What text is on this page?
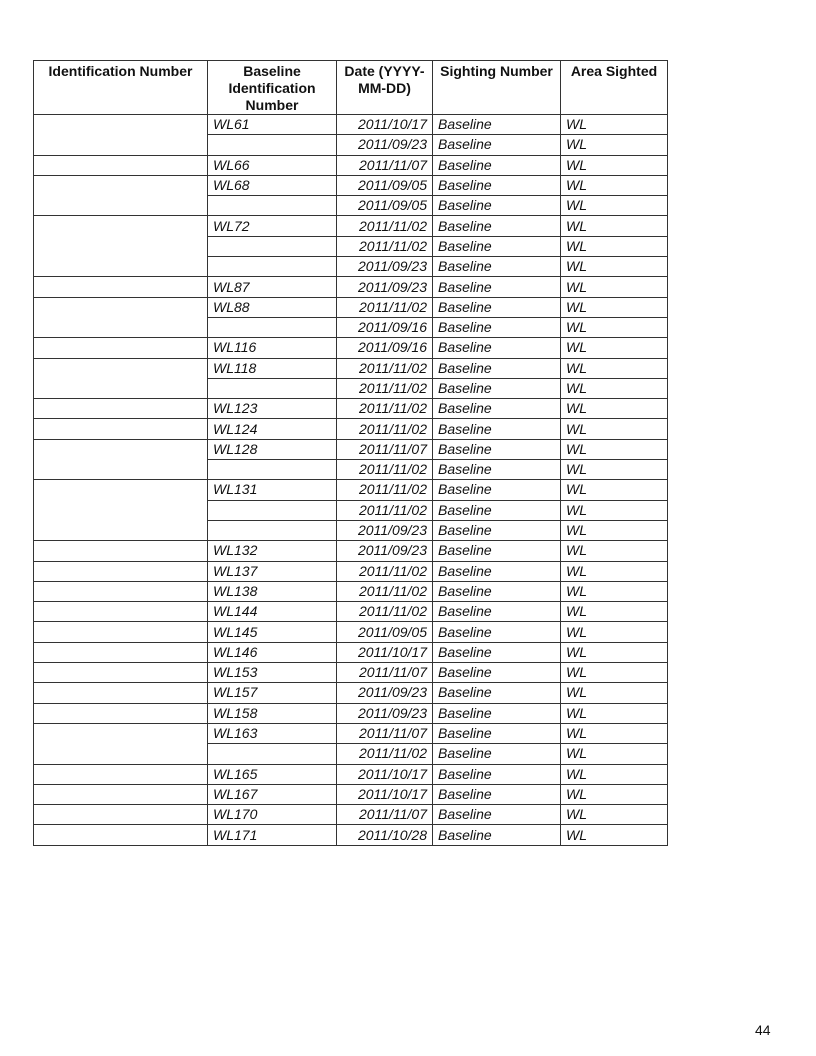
Identification Number	Baseline Identification Number	Date (YYYY-MM-DD)	Sighting Number	Area Sighted
	WL61	2011/10/17	Baseline	WL
		2011/09/23	Baseline	WL
	WL66	2011/11/07	Baseline	WL
	WL68	2011/09/05	Baseline	WL
		2011/09/05	Baseline	WL
	WL72	2011/11/02	Baseline	WL
		2011/11/02	Baseline	WL
		2011/09/23	Baseline	WL
	WL87	2011/09/23	Baseline	WL
	WL88	2011/11/02	Baseline	WL
		2011/09/16	Baseline	WL
	WL116	2011/09/16	Baseline	WL
	WL118	2011/11/02	Baseline	WL
		2011/11/02	Baseline	WL
	WL123	2011/11/02	Baseline	WL
	WL124	2011/11/02	Baseline	WL
	WL128	2011/11/07	Baseline	WL
		2011/11/02	Baseline	WL
	WL131	2011/11/02	Baseline	WL
		2011/11/02	Baseline	WL
		2011/09/23	Baseline	WL
	WL132	2011/09/23	Baseline	WL
	WL137	2011/11/02	Baseline	WL
	WL138	2011/11/02	Baseline	WL
	WL144	2011/11/02	Baseline	WL
	WL145	2011/09/05	Baseline	WL
	WL146	2011/10/17	Baseline	WL
	WL153	2011/11/07	Baseline	WL
	WL157	2011/09/23	Baseline	WL
	WL158	2011/09/23	Baseline	WL
	WL163	2011/11/07	Baseline	WL
		2011/11/02	Baseline	WL
	WL165	2011/10/17	Baseline	WL
	WL167	2011/10/17	Baseline	WL
	WL170	2011/11/07	Baseline	WL
	WL171	2011/10/28	Baseline	WL
44
